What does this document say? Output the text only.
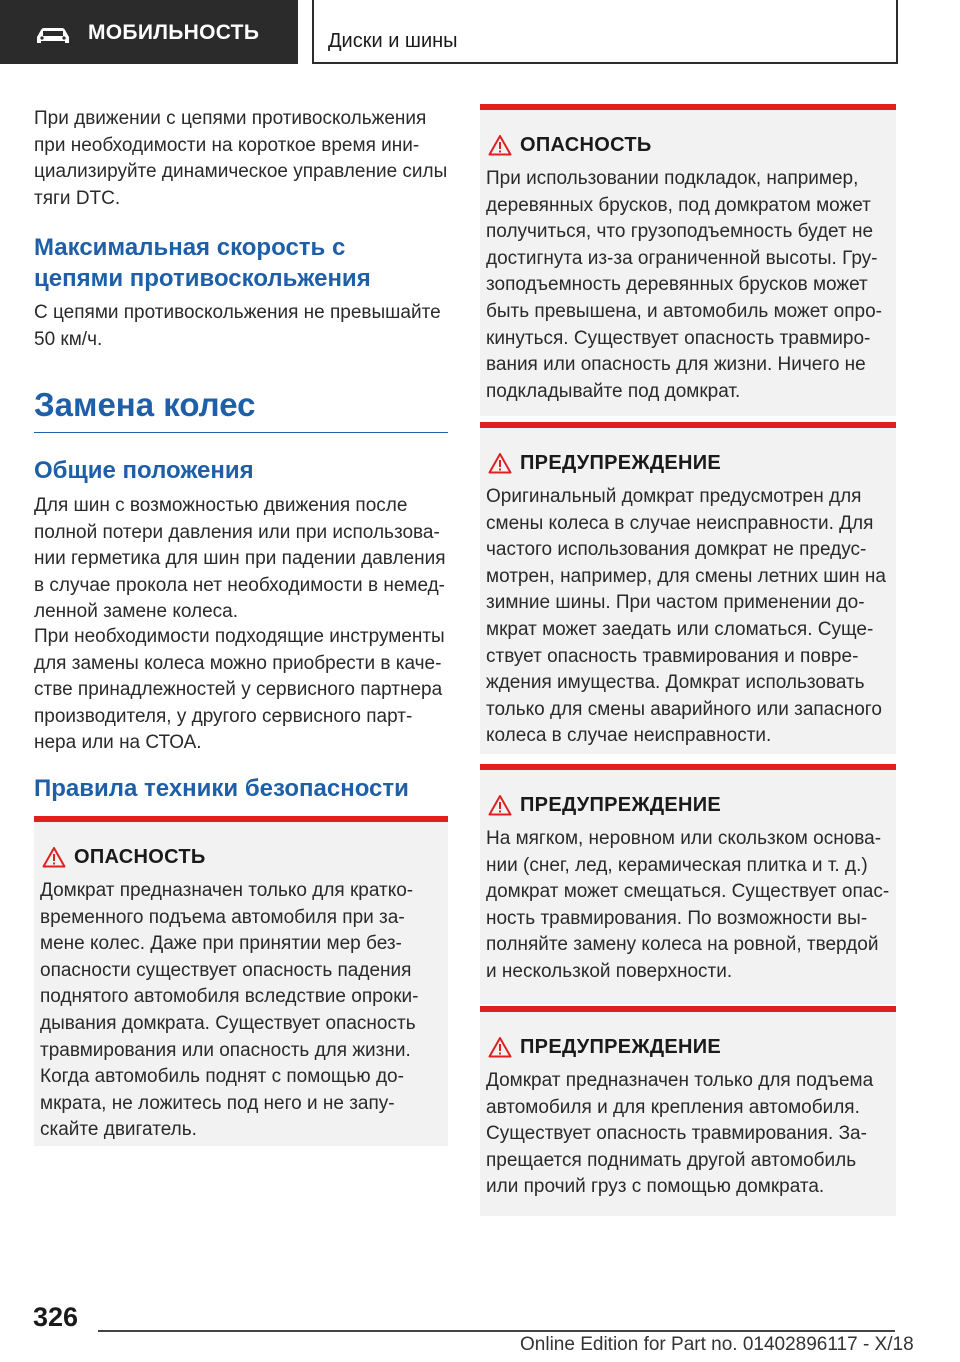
МОБИЛЬНОСТЬ	Диски и шины

При движении с цепями противоскольжения при необходимости на короткое время ини-циализируйте динамическое управление силы тяги DTC.

Максимальная скорость с
цепями противоскольжения

С цепями противоскольжения не превышайте
50 км/ч.

Замена колес
Общие положения

Для шин с возможностью движения после полной потери давления или при использова-нии герметика для шин при падении давления в случае прокола нет необходимости в немед-ленной замене колеса.

При необходимости подходящие инструменты для замены колеса можно приобрести в каче-стве принадлежностей у сервисного партнера производителя, у другого сервисного парт-нера или на СТОА.

Правила техники безопасности
ОПАСНОСТЬ

Домкрат предназначен только для кратко-временного подъема автомобиля при за-мене колес. Даже при принятии мер без-опасности существует опасность падения поднятого автомобиля вследствие опроки-дывания домкрата. Существует опасность травмирования или опасность для жизни. Когда автомобиль поднят с помощью до-мкрата, не ложитесь под него и не запу-скайте двигатель.

ОПАСНОСТЬ

При использовании подкладок, например, деревянных брусков, под домкратом может получиться, что грузоподъемность будет не достигнута из-за ограниченной высоты. Гру-зоподъемность деревянных брусков может быть превышена, и автомобиль может опро-кинуться. Существует опасность травмиро-вания или опасность для жизни. Ничего не подкладывайте под домкрат.

ПРЕДУПРЕЖДЕНИЕ

Оригинальный домкрат предусмотрен для смены колеса в случае неисправности. Для частого использования домкрат не предус-мотрен, например, для смены летних шин на зимние шины. При частом применении до-мкрат может заедать или сломаться. Суще-ствует опасность травмирования и повре-ждения имущества. Домкрат использовать только для смены аварийного или запасного колеса в случае неисправности.

ПРЕДУПРЕЖДЕНИЕ

На мягком, неровном или скользком основа-нии (снег, лед, керамическая плитка и т. д.) домкрат может смещаться. Существует опас-ность травмирования. По возможности вы-полняйте замену колеса на ровной, твердой и нескользкой поверхности.

ПРЕДУПРЕЖДЕНИЕ

Домкрат предназначен только для подъема автомобиля и для крепления автомобиля. Существует опасность травмирования. За-прещается поднимать другой автомобиль или прочий груз с помощью домкрата.

326
Online Edition for Part no. 01402896117 - X/18
